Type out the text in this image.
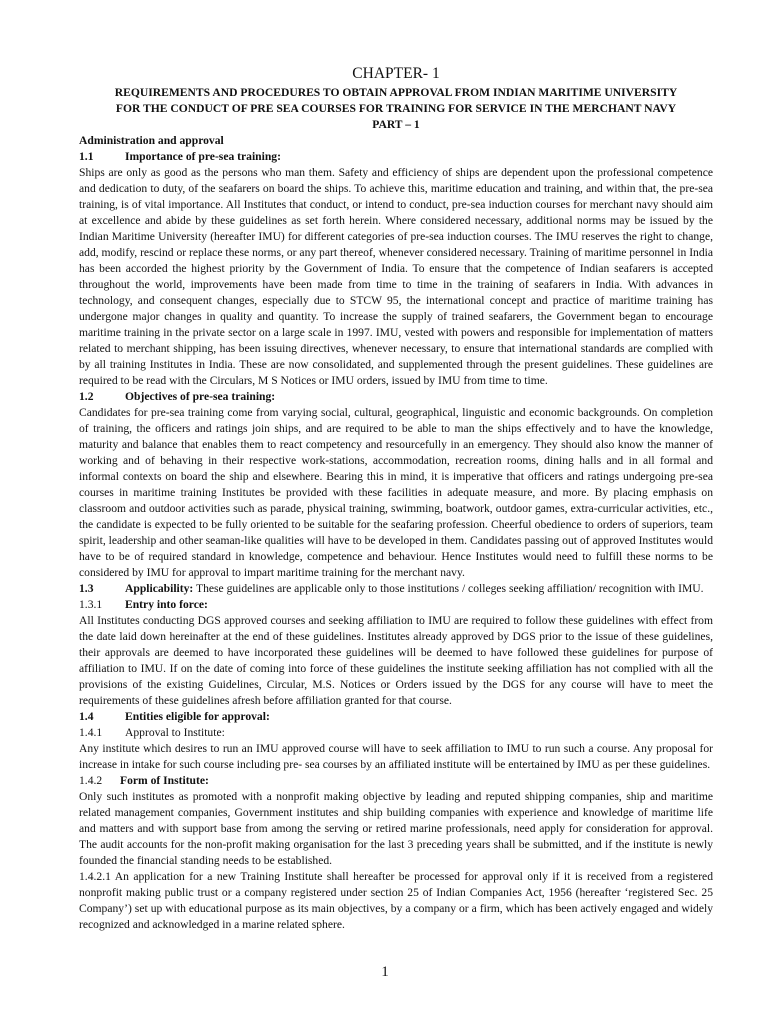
CHAPTER- 1
REQUIREMENTS AND PROCEDURES TO OBTAIN APPROVAL FROM INDIAN MARITIME UNIVERSITY
FOR THE CONDUCT OF PRE SEA COURSES FOR TRAINING FOR SERVICE IN THE MERCHANT NAVY
PART – 1
Administration and approval
1.1	Importance of pre-sea training:

Ships are only as good as the persons who man them. Safety and efficiency of ships are dependent upon the professional competence and dedication to duty, of the seafarers on board the ships. To achieve this, maritime education and training, and within that, the pre-sea training, is of vital importance. All Institutes that conduct, or intend to conduct, pre-sea induction courses for merchant navy should aim at excellence and abide by these guidelines as set forth herein. Where considered necessary, additional norms may be issued by the Indian Maritime University (hereafter IMU) for different categories of pre-sea induction courses. The IMU reserves the right to change, add, modify, rescind or replace these norms, or any part thereof, whenever considered necessary. Training of maritime personnel in India has been accorded the highest priority by the Government of India. To ensure that the competence of Indian seafarers is accepted throughout the world, improvements have been made from time to time in the training of seafarers in India. With advances in technology, and consequent changes, especially due to STCW 95, the international concept and practice of maritime training has undergone major changes in quality and quantity. To increase the supply of trained seafarers, the Government began to encourage maritime training in the private sector on a large scale in 1997. IMU, vested with powers and responsible for implementation of matters related to merchant shipping, has been issuing directives, whenever necessary, to ensure that international standards are complied with by all training Institutes in India. These are now consolidated, and supplemented through the present guidelines. These guidelines are required to be read with the Circulars, M S Notices or IMU orders, issued by IMU from time to time.

1.2	Objectives of pre-sea training:

Candidates for pre-sea training come from varying social, cultural, geographical, linguistic and economic backgrounds. On completion of training, the officers and ratings join ships, and are required to be able to man the ships effectively and to have the knowledge, maturity and balance that enables them to react competency and resourcefully in an emergency. They should also know the manner of working and of behaving in their respective work-stations, accommodation, recreation rooms, dining halls and in all formal and informal contexts on board the ship and elsewhere. Bearing this in mind, it is imperative that officers and ratings undergoing pre-sea courses in maritime training Institutes be provided with these facilities in adequate measure, and more. By placing emphasis on classroom and outdoor activities such as parade, physical training, swimming, boatwork, outdoor games, extra-curricular activities, etc., the candidate is expected to be fully oriented to be suitable for the seafaring profession. Cheerful obedience to orders of superiors, team spirit, leadership and other seaman-like qualities will have to be developed in them. Candidates passing out of approved Institutes would have to be of required standard in knowledge, competence and behaviour. Hence Institutes would need to fulfill these norms to be considered by IMU for approval to impart maritime training for the merchant navy.

1.3	Applicability: These guidelines are applicable only to those institutions / colleges seeking affiliation/ recognition with IMU.

1.3.1 Entry into force:

All Institutes conducting DGS approved courses and seeking affiliation to IMU are required to follow these guidelines with effect from the date laid down hereinafter at the end of these guidelines. Institutes already approved by DGS prior to the issue of these guidelines, their approvals are deemed to have incorporated these guidelines will be deemed to have followed these guidelines for purpose of affiliation to IMU. If on the date of coming into force of these guidelines the institute seeking affiliation has not complied with all the provisions of the existing Guidelines, Circular, M.S. Notices or Orders issued by the DGS for any course will have to meet the requirements of these guidelines afresh before affiliation granted for that course.

1.4	Entities eligible for approval:
1.4.1 Approval to Institute:

Any institute which desires to run an IMU approved course will have to seek affiliation to IMU to run such a course. Any proposal for increase in intake for such course including pre- sea courses by an affiliated institute will be entertained by IMU as per these guidelines.

1.4.2 Form of Institute:

Only such institutes as promoted with a nonprofit making objective by leading and reputed shipping companies, ship and maritime related management companies, Government institutes and ship building companies with experience and knowledge of maritime life and matters and with support base from among the serving or retired marine professionals, need apply for consideration for approval. The audit accounts for the non-profit making organisation for the last 3 preceding years shall be submitted, and if the institute is newly founded the financial standing needs to be established.

1.4.2.1 An application for a new Training Institute shall hereafter be processed for approval only if it is received from a registered nonprofit making public trust or a company registered under section 25 of Indian Companies Act, 1956 (hereafter ‘registered Sec. 25 Company’) set up with educational purpose as its main objectives, by a company or a firm, which has been actively engaged and widely recognized and acknowledged in a marine related sphere.

1
